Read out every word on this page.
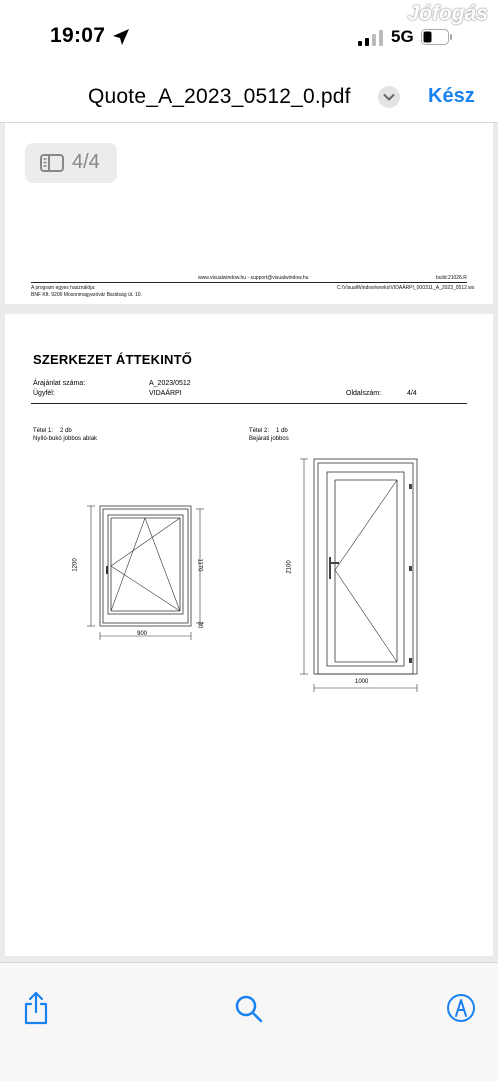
19:07	5G
Jófogás
Quote_A_2023_0512_0.pdf	Kész
4/4
www.visualwindow.hu - support@visualwindow.hu	build:21026.R
A program egyes használója:
BNF Kft. 9200 Mosonmagyaróvár Barátság út. 10.
C:\VisualWindow\works\VIDAÁRPI_000311_A_2023_0512.ws
SZERKEZET ÁTTEKINTŐ
Árajánlat száma:	A_2023/0512
Ügyfél:	VIDAÁRPI	Oldalszám:	4/4
Tétel 1: 2 db
Nyíló-bukó jobbos ablak
Tétel 2: 1 db
Bejárati jobbos
1200	1170
30
900
2100
1000
